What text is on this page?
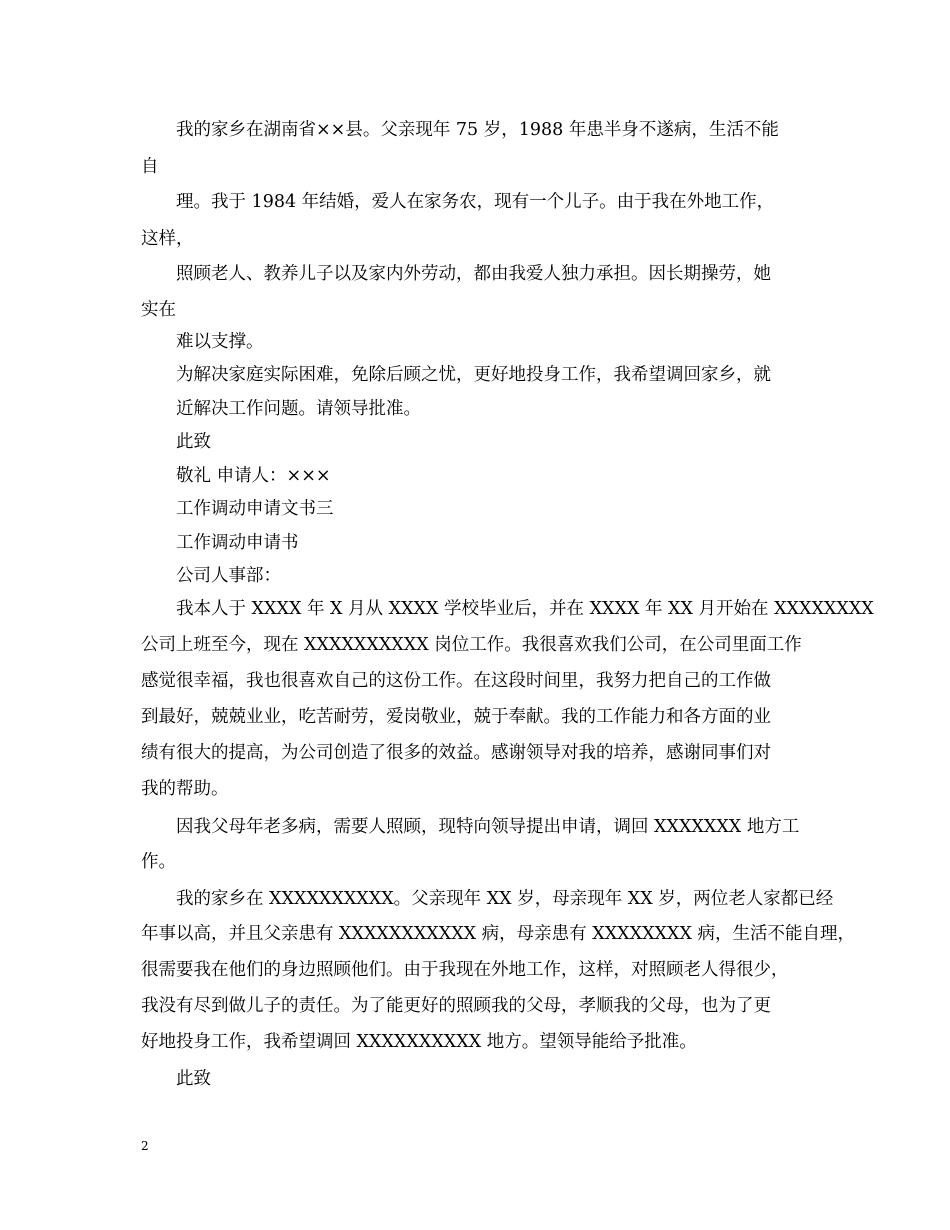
我的家乡在湖南省××县。父亲现年 75 岁，1988 年患半身不遂病，生活不能
自
理。我于 1984 年结婚，爱人在家务农，现有一个儿子。由于我在外地工作，
这样，
照顾老人、教养儿子以及家内外劳动，都由我爱人独力承担。因长期操劳，她
实在
难以支撑。
为解决家庭实际困难，免除后顾之忧，更好地投身工作，我希望调回家乡，就
近解决工作问题。请领导批准。
此致
敬礼 申请人：×××
工作调动申请文书三
工作调动申请书
公司人事部：
我本人于 XXXX 年 X 月从 XXXX 学校毕业后，并在 XXXX 年 XX 月开始在 XXXXXXXX
公司上班至今，现在 XXXXXXXXXX 岗位工作。我很喜欢我们公司，在公司里面工作
感觉很幸福，我也很喜欢自己的这份工作。在这段时间里，我努力把自己的工作做
到最好，兢兢业业，吃苦耐劳，爱岗敬业，兢于奉献。我的工作能力和各方面的业
绩有很大的提高，为公司创造了很多的效益。感谢领导对我的培养，感谢同事们对
我的帮助。
因我父母年老多病，需要人照顾，现特向领导提出申请，调回 XXXXXXX 地方工
作。
我的家乡在 XXXXXXXXXX。父亲现年 XX 岁，母亲现年 XX 岁，两位老人家都已经
年事以高，并且父亲患有 XXXXXXXXXXX 病，母亲患有 XXXXXXXX 病，生活不能自理，
很需要我在他们的身边照顾他们。由于我现在外地工作，这样，对照顾老人得很少，
我没有尽到做儿子的责任。为了能更好的照顾我的父母，孝顺我的父母，也为了更
好地投身工作，我希望调回 XXXXXXXXXX 地方。望领导能给予批准。
此致
2
